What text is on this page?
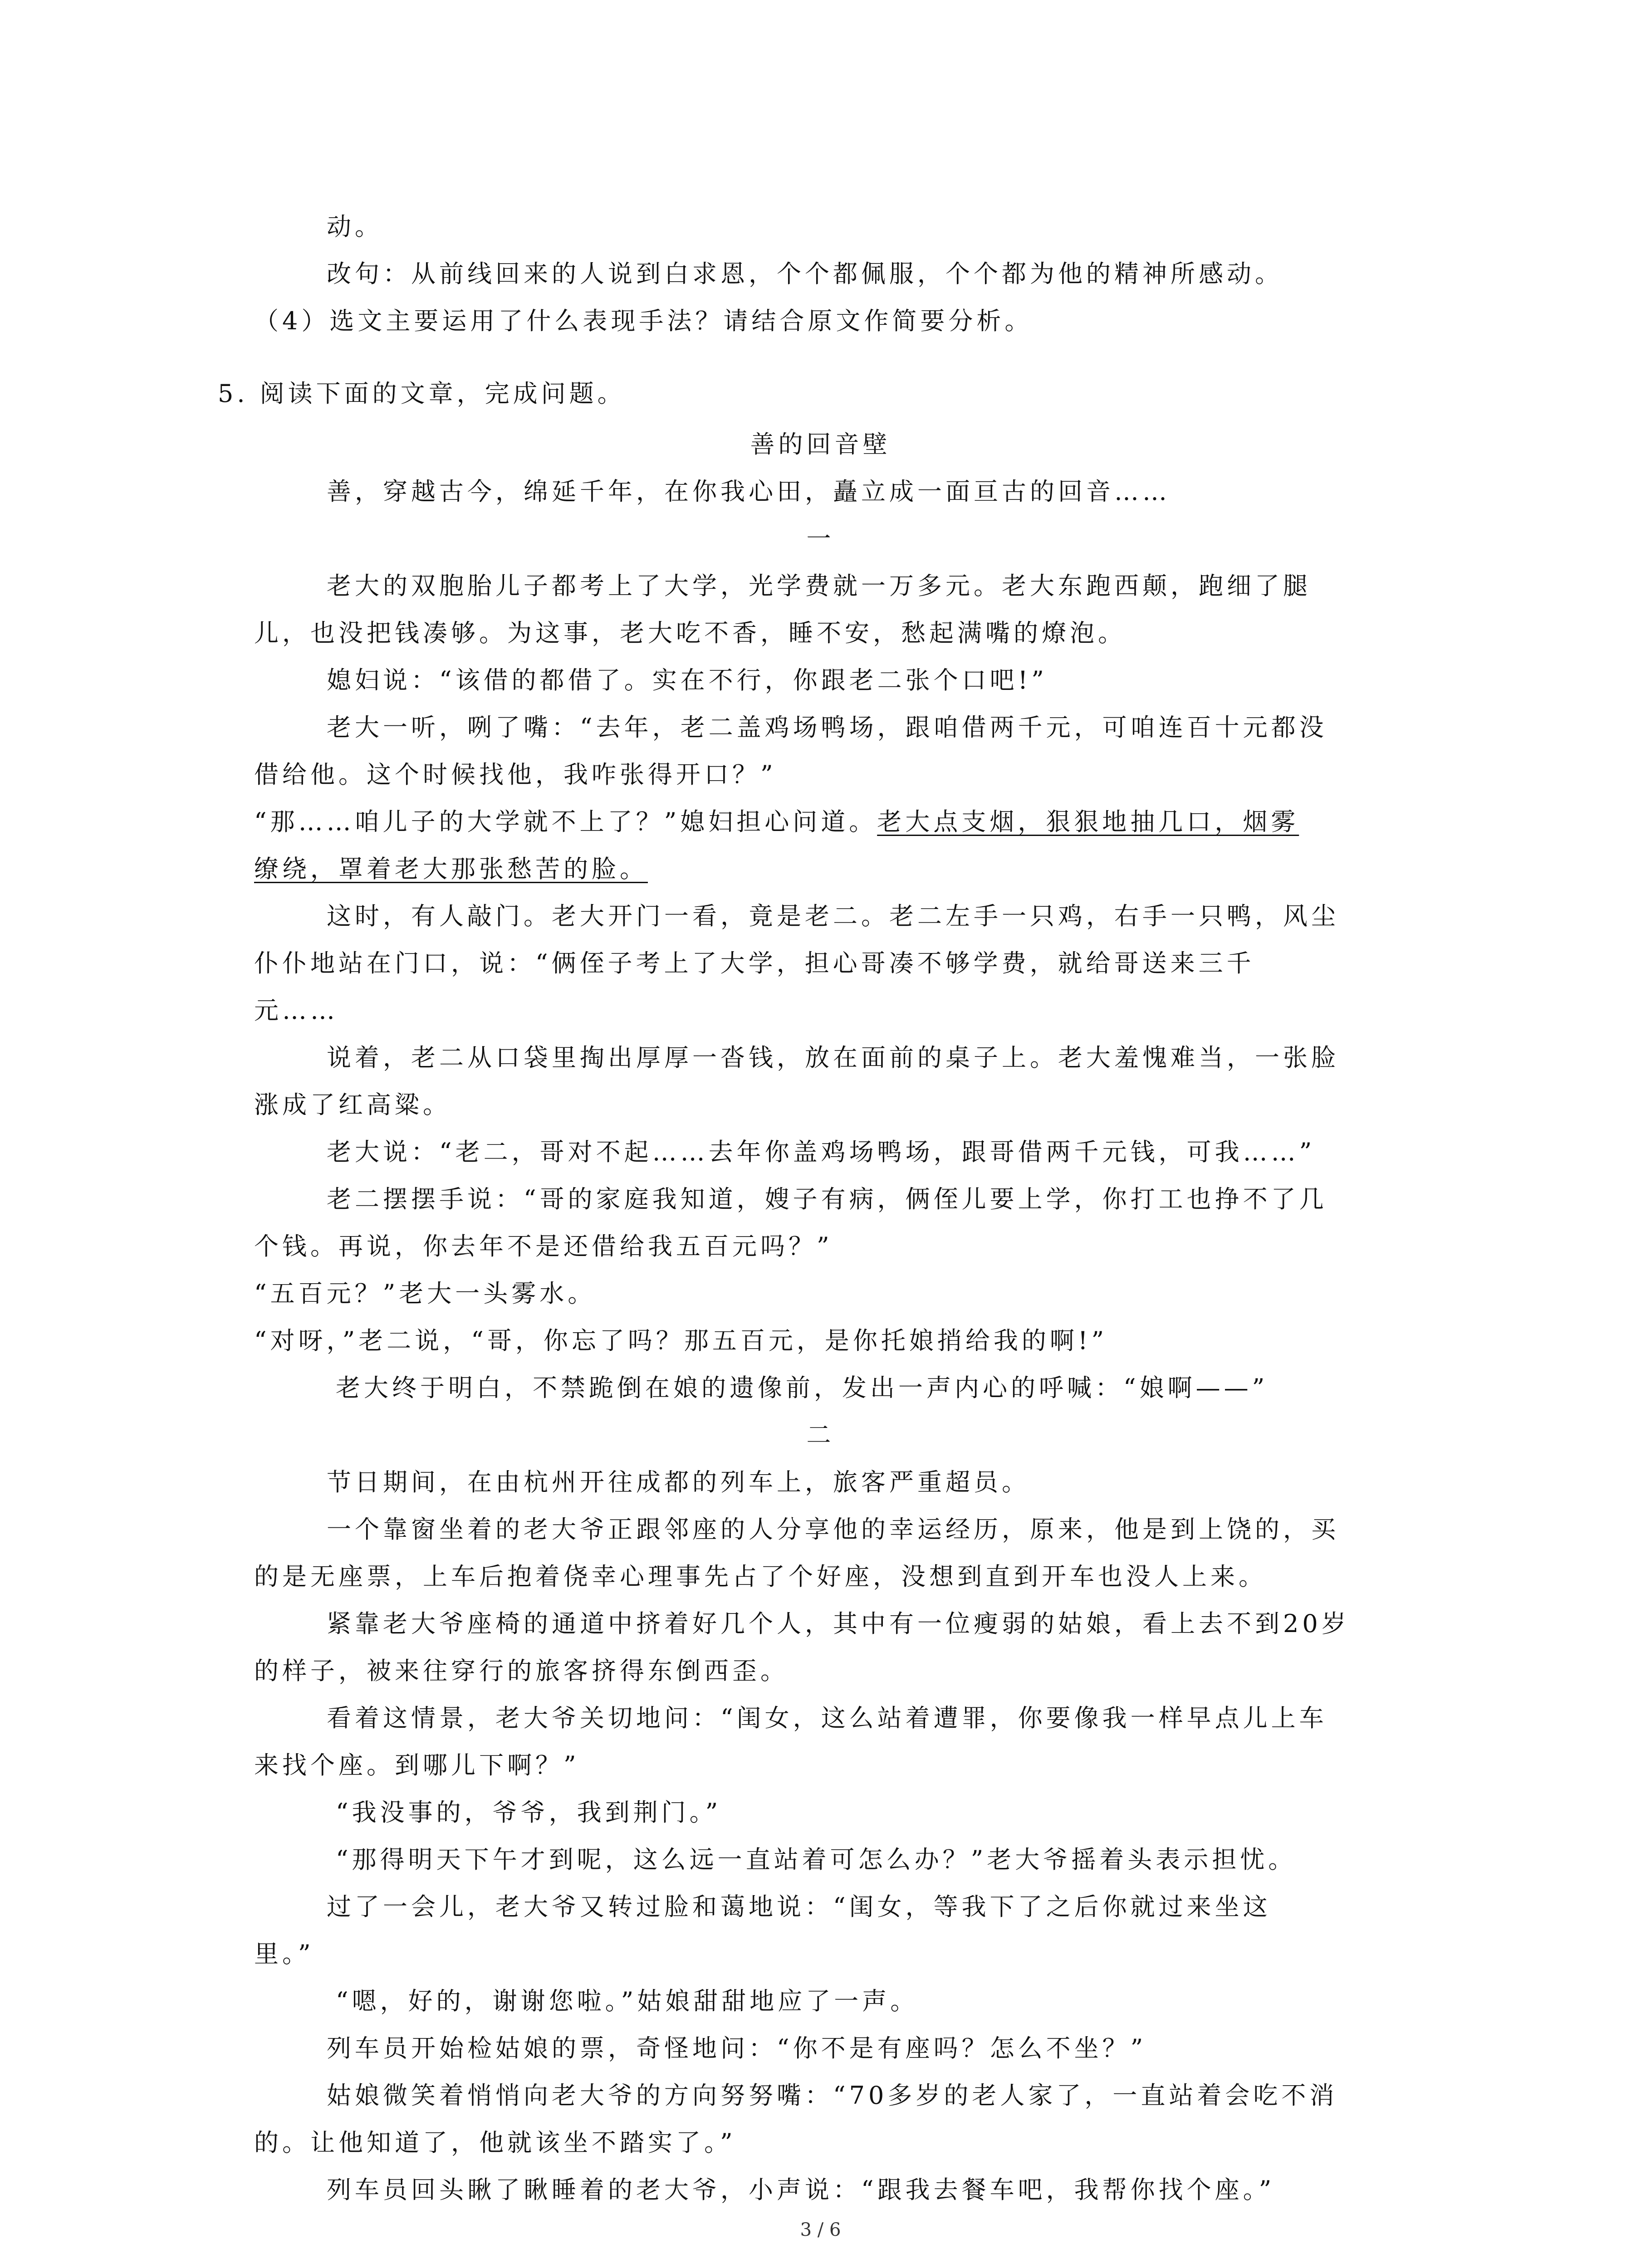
动。
改句：从前线回来的人说到白求恩，个个都佩服，个个都为他的精神所感动。
（4）选文主要运用了什么表现手法？请结合原文作简要分析。
5. 阅读下面的文章，完成问题。
善的回音壁
善，穿越古今，绵延千年，在你我心田，矗立成一面亘古的回音……
一
老大的双胞胎儿子都考上了大学，光学费就一万多元。老大东跑西颠，跑细了腿
儿，也没把钱凑够。为这事，老大吃不香，睡不安，愁起满嘴的燎泡。
媳妇说：“该借的都借了。实在不行，你跟老二张个口吧!”
老大一听，咧了嘴：“去年，老二盖鸡场鸭场，跟咱借两千元，可咱连百十元都没
借给他。这个时候找他，我咋张得开口？”
“那……咱儿子的大学就不上了？”媳妇担心问道。老大点支烟，狠狠地抽几口，烟雾
缭绕，罩着老大那张愁苦的脸。
这时，有人敲门。老大开门一看，竟是老二。老二左手一只鸡，右手一只鸭，风尘
仆仆地站在门口，说：“俩侄子考上了大学，担心哥凑不够学费，就给哥送来三千
元……
说着，老二从口袋里掏出厚厚一沓钱，放在面前的桌子上。老大羞愧难当，一张脸
涨成了红高粱。
老大说：“老二，哥对不起……去年你盖鸡场鸭场，跟哥借两千元钱，可我……”
老二摆摆手说：“哥的家庭我知道，嫂子有病，俩侄儿要上学，你打工也挣不了几
个钱。再说，你去年不是还借给我五百元吗？”
“五百元？”老大一头雾水。
“对呀，”老二说，“哥，你忘了吗？那五百元，是你托娘捎给我的啊!”
老大终于明白，不禁跪倒在娘的遗像前，发出一声内心的呼喊：“娘啊——”
二
节日期间，在由杭州开往成都的列车上，旅客严重超员。
一个靠窗坐着的老大爷正跟邻座的人分享他的幸运经历，原来，他是到上饶的，买
的是无座票，上车后抱着侥幸心理事先占了个好座，没想到直到开车也没人上来。
紧靠老大爷座椅的通道中挤着好几个人，其中有一位瘦弱的姑娘，看上去不到20岁
的样子，被来往穿行的旅客挤得东倒西歪。
看着这情景，老大爷关切地问：“闺女，这么站着遭罪，你要像我一样早点儿上车
来找个座。到哪儿下啊？”
“我没事的，爷爷，我到荆门。”
“那得明天下午才到呢，这么远一直站着可怎么办？”老大爷摇着头表示担忧。
过了一会儿，老大爷又转过脸和蔼地说：“闺女，等我下了之后你就过来坐这
里。”
“嗯，好的，谢谢您啦。”姑娘甜甜地应了一声。
列车员开始检姑娘的票，奇怪地问：“你不是有座吗？怎么不坐？”
姑娘微笑着悄悄向老大爷的方向努努嘴：“70多岁的老人家了，一直站着会吃不消
的。让他知道了，他就该坐不踏实了。”
列车员回头瞅了瞅睡着的老大爷，小声说：“跟我去餐车吧，我帮你找个座。”
3 / 6
